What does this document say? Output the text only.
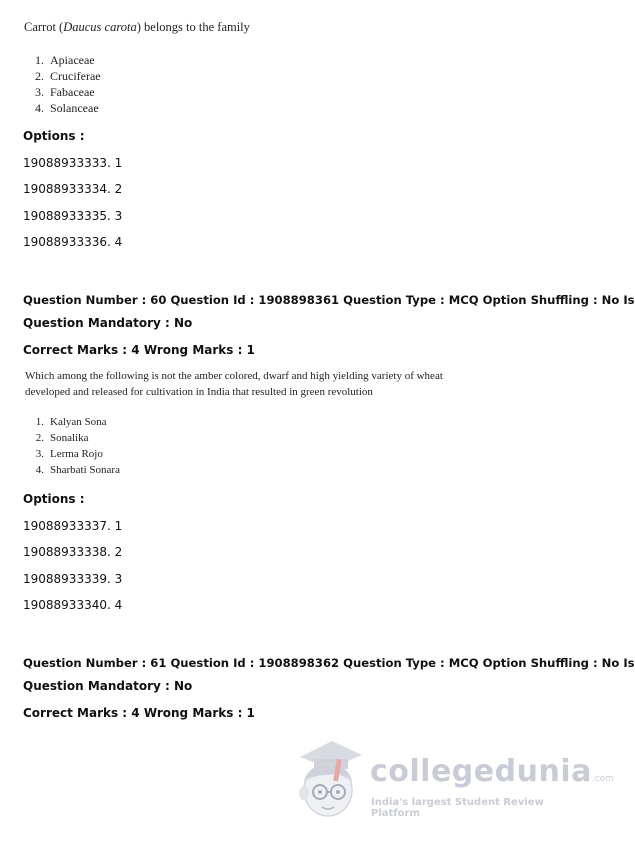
Carrot (Daucus carota) belongs to the family
1. Apiaceae
2. Cruciferae
3. Fabaceae
4. Solanceae
Options :
19088933333. 1
19088933334. 2
19088933335. 3
19088933336. 4
Question Number : 60 Question Id : 1908898361 Question Type : MCQ Option Shuffling : No Is
Question Mandatory : No
Correct Marks : 4 Wrong Marks : 1
Which among the following is not the amber colored, dwarf and high yielding variety of wheat
developed and released for cultivation in India that resulted in green revolution
1. Kalyan Sona
2. Sonalika
3. Lerma Rojo
4. Sharbati Sonara
Options :
19088933337. 1
19088933338. 2
19088933339. 3
19088933340. 4
Question Number : 61 Question Id : 1908898362 Question Type : MCQ Option Shuffling : No Is
Question Mandatory : No
Correct Marks : 4 Wrong Marks : 1
collegedunia.com
India's largest Student Review Platform
